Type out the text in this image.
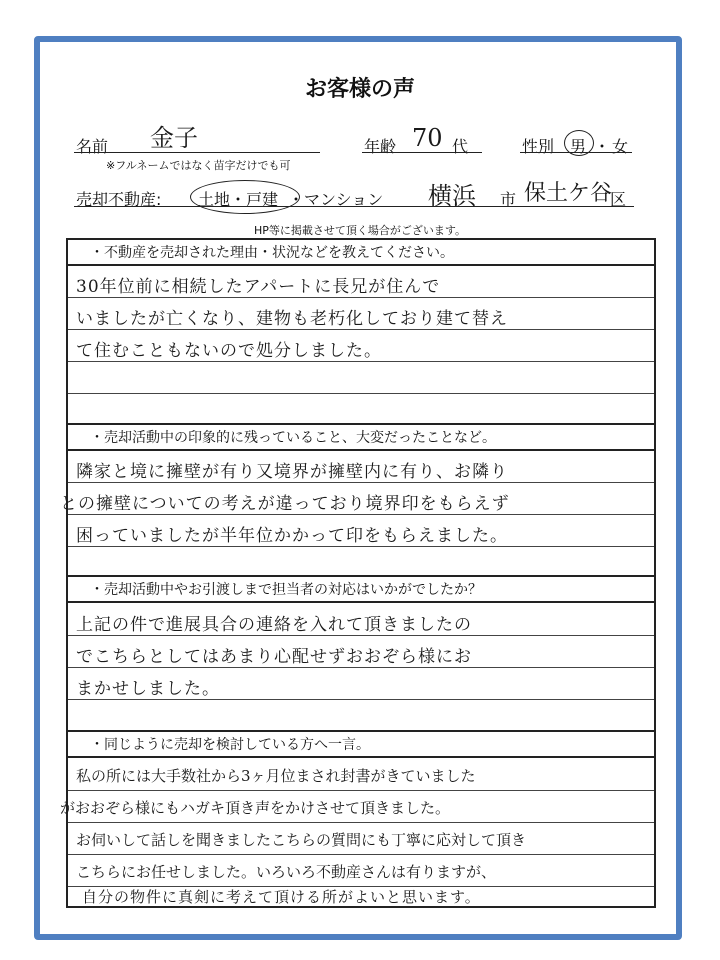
お客様の声
名前 金子
※フルネームではなく苗字だけでも可
年齢 70 代	性別 男 ・ 女
売却不動産: 土地・戸建 ・マンション 横浜 市 保土ケ谷
区
HP等に掲載させて頂く場合がございます。
・不動産を売却された理由・状況などを教えてください。
30年位前に相続したアパートに長兄が住んで
いましたが亡くなり、建物も老朽化しており建て替え
て住むこともないので処分しました。
・売却活動中の印象的に残っていること、大変だったことなど。
隣家と境に擁壁が有り又境界が擁壁内に有り、お隣り
との擁壁についての考えが違っており境界印をもらえず
困っていましたが半年位かかって印をもらえました。
・売却活動中やお引渡しまで担当者の対応はいかがでしたか？
上記の件で進展具合の連絡を入れて頂きましたの
でこちらとしてはあまり心配せずおおぞら様にお
まかせしました。
・同じように売却を検討している方へ一言。
私の所には大手数社から3ヶ月位まされ封書がきていました
がおおぞら様にもハガキ頂き声をかけさせて頂きました。
お伺いして話しを聞きましたこちらの質問にも丁寧に応対して頂き
こちらにお任せしました。いろいろ不動産さんは有りますが、
自分の物件に真剣に考えて頂ける所がよいと思います。
